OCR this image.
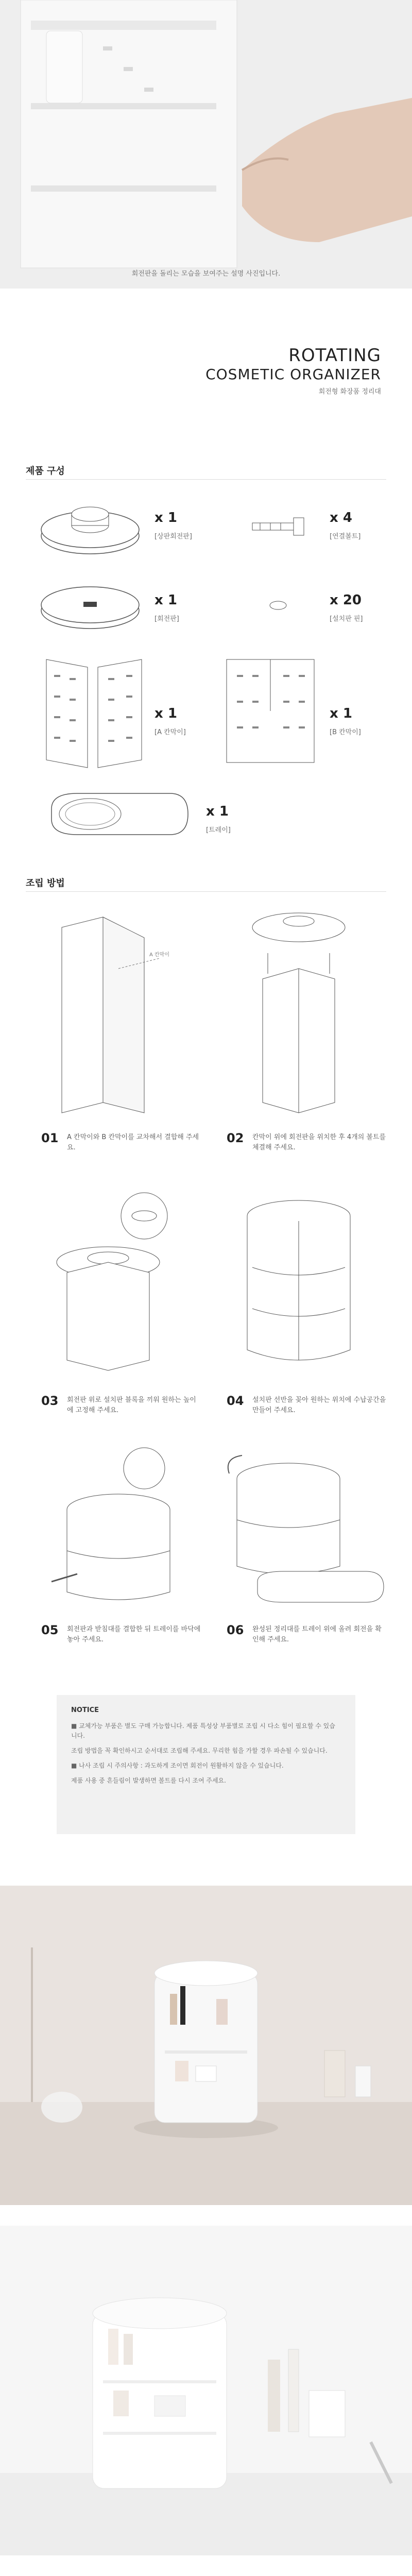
회전판을 돌리는 모습을 보여주는 설명 사진입니다.
ROTATING
COSMETIC ORGANIZER
회전형 화장품 정리대
제품 구성
x 1
[상판회전판]
x 4
[연결볼트]
x 1
[회전판]
x 20
[설치판 핀]
x 1
[A 칸막이]
x 1
[B 칸막이]
x 1
[트레이]
조립 방법
A 칸막이
01 A 칸막이와 B 칸막이를 교차해서 결합해 주세요.
02 칸막이 위에 회전판을 위치한 후 4개의 볼트를 체결해 주세요.
03 회전판 위로 설치판 블록을 끼워 원하는 높이에 고정해 주세요.
04 설치판 선반을 꽂아 원하는 위치에 수납공간을 만들어 주세요.
05 회전판과 받침대를 결합한 뒤 트레이를 바닥에 놓아 주세요.
06 완성된 정리대를 트레이 위에 올려 회전을 확인해 주세요.
NOTICE

■ 교체가능 부품은 별도 구매 가능합니다. 제품 특성상 부품별로 조립 시 다소 힘이 필요할 수 있습니다.

조립 방법을 꼭 확인하시고 순서대로 조립해 주세요. 무리한 힘을 가할 경우 파손될 수 있습니다.

■ 나사 조립 시 주의사항 : 과도하게 조이면 회전이 원활하지 않을 수 있습니다.

제품 사용 중 흔들림이 발생하면 볼트를 다시 조여 주세요.
